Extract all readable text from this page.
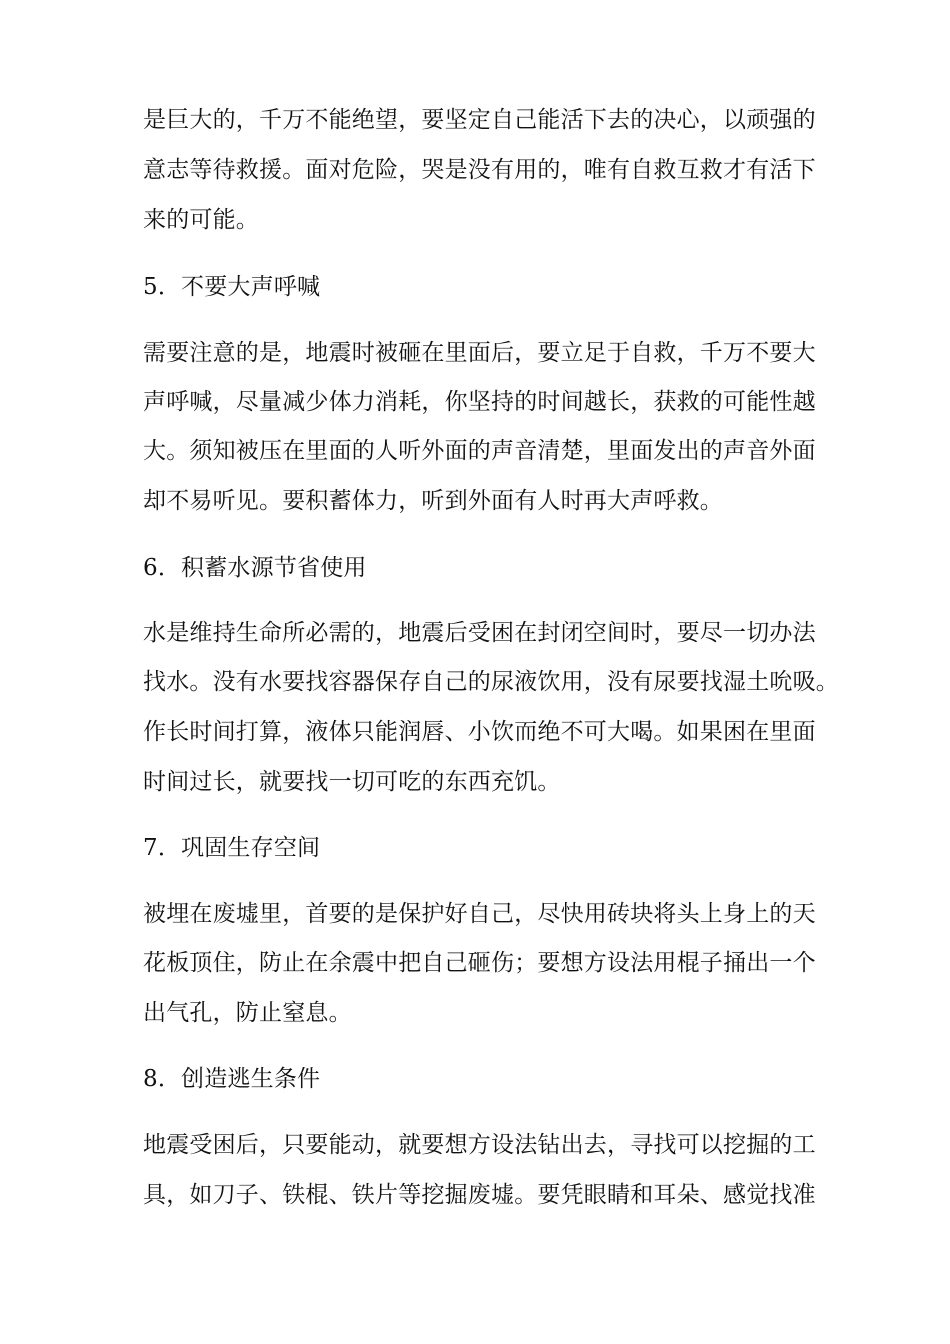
是巨大的，千万不能绝望，要坚定自己能活下去的决心，以顽强的
意志等待救援。面对危险，哭是没有用的，唯有自救互救才有活下
来的可能。
5．不要大声呼喊
需要注意的是，地震时被砸在里面后，要立足于自救，千万不要大
声呼喊，尽量减少体力消耗，你坚持的时间越长，获救的可能性越
大。须知被压在里面的人听外面的声音清楚，里面发出的声音外面
却不易听见。要积蓄体力，听到外面有人时再大声呼救。
6．积蓄水源节省使用
水是维持生命所必需的，地震后受困在封闭空间时，要尽一切办法
找水。没有水要找容器保存自己的尿液饮用，没有尿要找湿土吮吸。
作长时间打算，液体只能润唇、小饮而绝不可大喝。如果困在里面
时间过长，就要找一切可吃的东西充饥。
7．巩固生存空间
被埋在废墟里，首要的是保护好自己，尽快用砖块将头上身上的天
花板顶住，防止在余震中把自己砸伤；要想方设法用棍子捅出一个
出气孔，防止窒息。
8．创造逃生条件
地震受困后，只要能动，就要想方设法钻出去，寻找可以挖掘的工
具，如刀子、铁棍、铁片等挖掘废墟。要凭眼睛和耳朵、感觉找准
